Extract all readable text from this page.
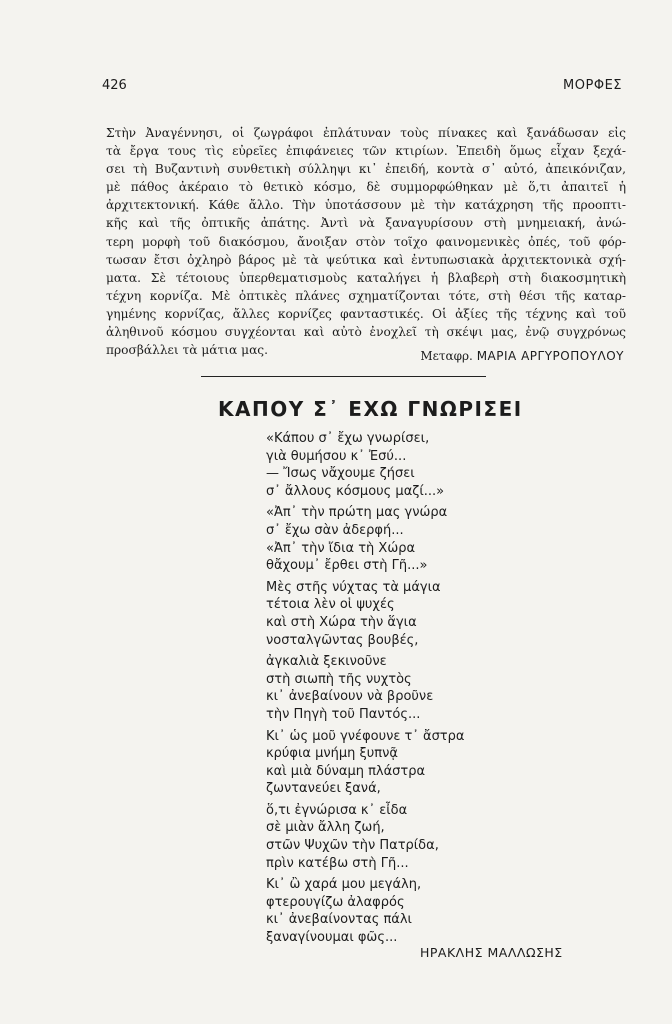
426	ΜΟΡΦΕΣ
Στὴν Ἀναγέννησι, οἱ ζωγράφοι ἐπλάτυναν τοὺς πίνακες καὶ ξανάδωσαν εἰς
τὰ ἔργα τους τὶς εὐρεῖες ἐπιφάνειες τῶν κτιρίων. Ἐπειδὴ ὅμως εἶχαν ξεχά-
σει τὴ Βυζαντινὴ συνθετικὴ σύλληψι κι᾽ ἐπειδή, κοντὰ σ᾽ αὐτό, ἀπεικόνιζαν,
μὲ πάθος ἀκέραιο τὸ θετικὸ κόσμο, δὲ συμμορφώθηκαν μὲ ὅ,τι ἀπαιτεῖ ἡ
ἀρχιτεκτονική. Κάθε ἄλλο. Τὴν ὑποτάσσουν μὲ τὴν κατάχρηση τῆς προοπτι-
κῆς καὶ τῆς ὀπτικῆς ἀπάτης. Ἀντὶ νὰ ξαναγυρίσουν στὴ μνημειακή, ἀνώ-
τερη μορφὴ τοῦ διακόσμου, ἄνοιξαν στὸν τοῖχο φαινομενικὲς ὀπές, τοῦ φόρ-
τωσαν ἔτσι ὀχληρὸ βάρος μὲ τὰ ψεύτικα καὶ ἐντυπωσιακὰ ἀρχιτεκτονικὰ σχή-
ματα. Σὲ τέτοιους ὑπερθεματισμοὺς καταλήγει ἡ βλαβερὴ στὴ διακοσμητικὴ
τέχνη κορνίζα. Μὲ ὀπτικὲς πλάνες σχηματίζονται τότε, στὴ θέσι τῆς καταρ-
γημένης κορνίζας, ἄλλες κορνίζες φανταστικές. Οἱ ἀξίες τῆς τέχνης καὶ τοῦ
ἀληθινοῦ κόσμου συγχέονται καὶ αὐτὸ ἐνοχλεῖ τὴ σκέψι μας, ἐνῷ συγχρόνως
προσβάλλει τὰ μάτια μας.	Μεταφρ. ΜΑΡΙΑ ΑΡΓΥΡΟΠΟΥΛΟΥ
ΚΑΠΟΥ Σ᾽ ΕΧΩ ΓΝΩΡΙΣΕΙ
«Κάπου σ᾽ ἔχω γνωρίσει,
γιὰ θυμήσου κ᾽ Ἐσύ...
— Ἴσως νἄχουμε ζήσει
σ᾽ ἄλλους κόσμους μαζί...»
«Ἀπ᾽ τὴν πρώτη μας γνώρα
σ᾽ ἔχω σὰν ἀδερφή...
«Ἀπ᾽ τὴν ἴδια τὴ Χώρα
θἄχουμ᾽ ἔρθει στὴ Γῆ...»
Μὲς στῆς νύχτας τὰ μάγια
τέτοια λὲν οἱ ψυχές
καὶ στὴ Χώρα τὴν ἅγια
νοσταλγῶντας βουβές,
ἀγκαλιὰ ξεκινοῦνε
στὴ σιωπὴ τῆς νυχτὸς
κι᾽ ἀνεβαίνουν νὰ βροῦνε
τὴν Πηγὴ τοῦ Παντός...
Κι᾽ ὡς μοῦ γνέφουνε τ᾽ ἄστρα
κρύφια μνήμη ξυπνᾷ
καὶ μιὰ δύναμη πλάστρα
ζωντανεύει ξανά,
ὅ,τι ἐγνώρισα κ᾽ εἶδα
σὲ μιὰν ἄλλη ζωή,
στῶν Ψυχῶν τὴν Πατρίδα,
πρὶν κατέβω στὴ Γῆ...
Κι᾽ ὢ χαρά μου μεγάλη,
φτερουγίζω ἀλαφρός
κι᾽ ἀνεβαίνοντας πάλι
ξαναγίνουμαι φῶς...
ΗΡΑΚΛΗΣ ΜΑΛΛΩΣΗΣ
